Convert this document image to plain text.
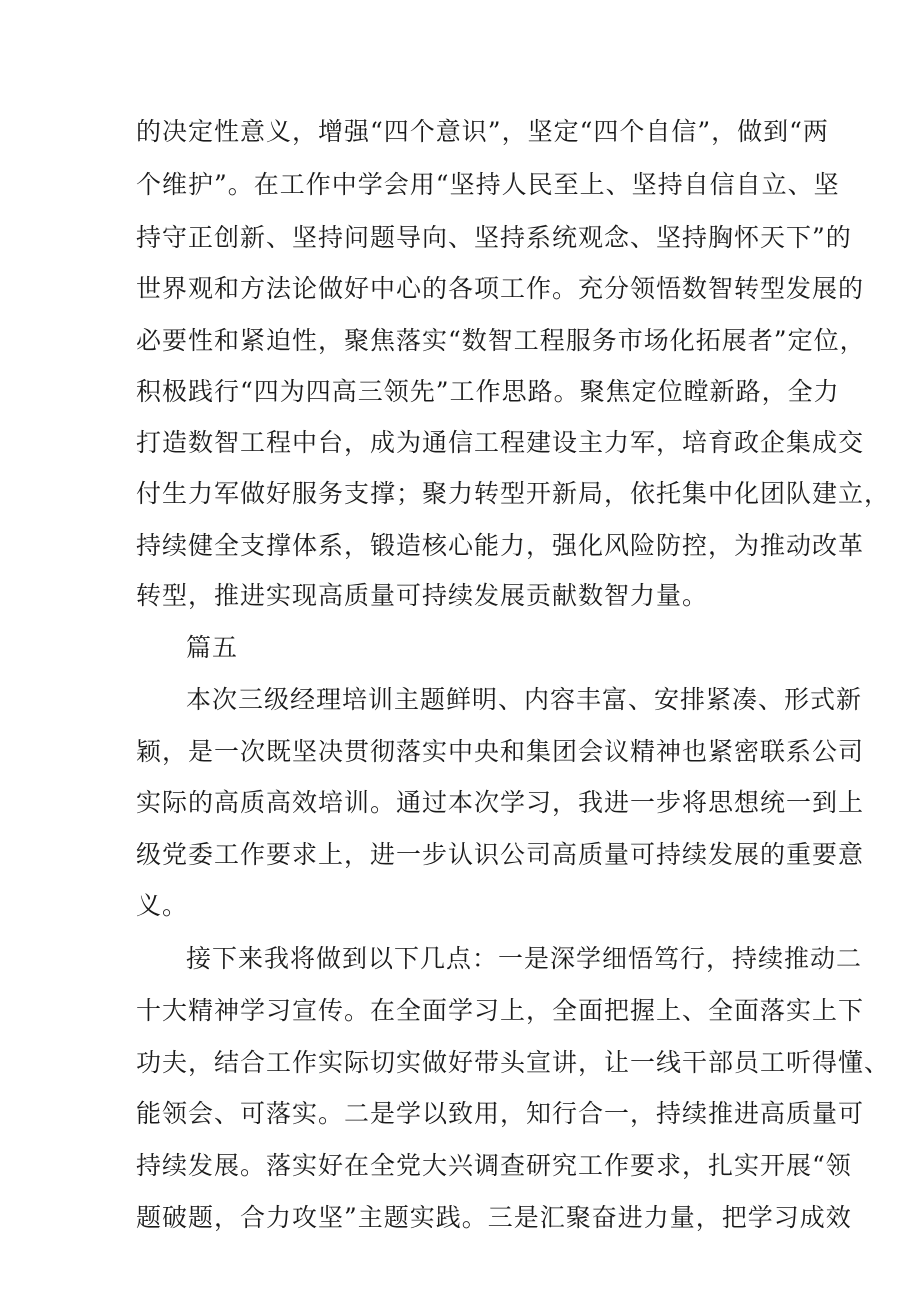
的决定性意义，增强“四个意识”，坚定“四个自信”，做到“两
个维护”。在工作中学会用“坚持人民至上、坚持自信自立、坚
持守正创新、坚持问题导向、坚持系统观念、坚持胸怀天下”的
世界观和方法论做好中心的各项工作。充分领悟数智转型发展的
必要性和紧迫性，聚焦落实“数智工程服务市场化拓展者”定位，
积极践行“四为四高三领先”工作思路。聚焦定位瞠新路，全力
打造数智工程中台，成为通信工程建设主力军，培育政企集成交
付生力军做好服务支撑；聚力转型开新局，依托集中化团队建立，
持续健全支撑体系，锻造核心能力，强化风险防控，为推动改革
转型，推进实现高质量可持续发展贡献数智力量。
篇五
本次三级经理培训主题鲜明、内容丰富、安排紧凑、形式新
颖，是一次既坚决贯彻落实中央和集团会议精神也紧密联系公司
实际的高质高效培训。通过本次学习，我进一步将思想统一到上
级党委工作要求上，进一步认识公司高质量可持续发展的重要意
义。
接下来我将做到以下几点：一是深学细悟笃行，持续推动二
十大精神学习宣传。在全面学习上，全面把握上、全面落实上下
功夫，结合工作实际切实做好带头宣讲，让一线干部员工听得懂、
能领会、可落实。二是学以致用，知行合一，持续推进高质量可
持续发展。落实好在全党大兴调查研究工作要求，扎实开展“领
题破题，合力攻坚”主题实践。三是汇聚奋进力量，把学习成效
